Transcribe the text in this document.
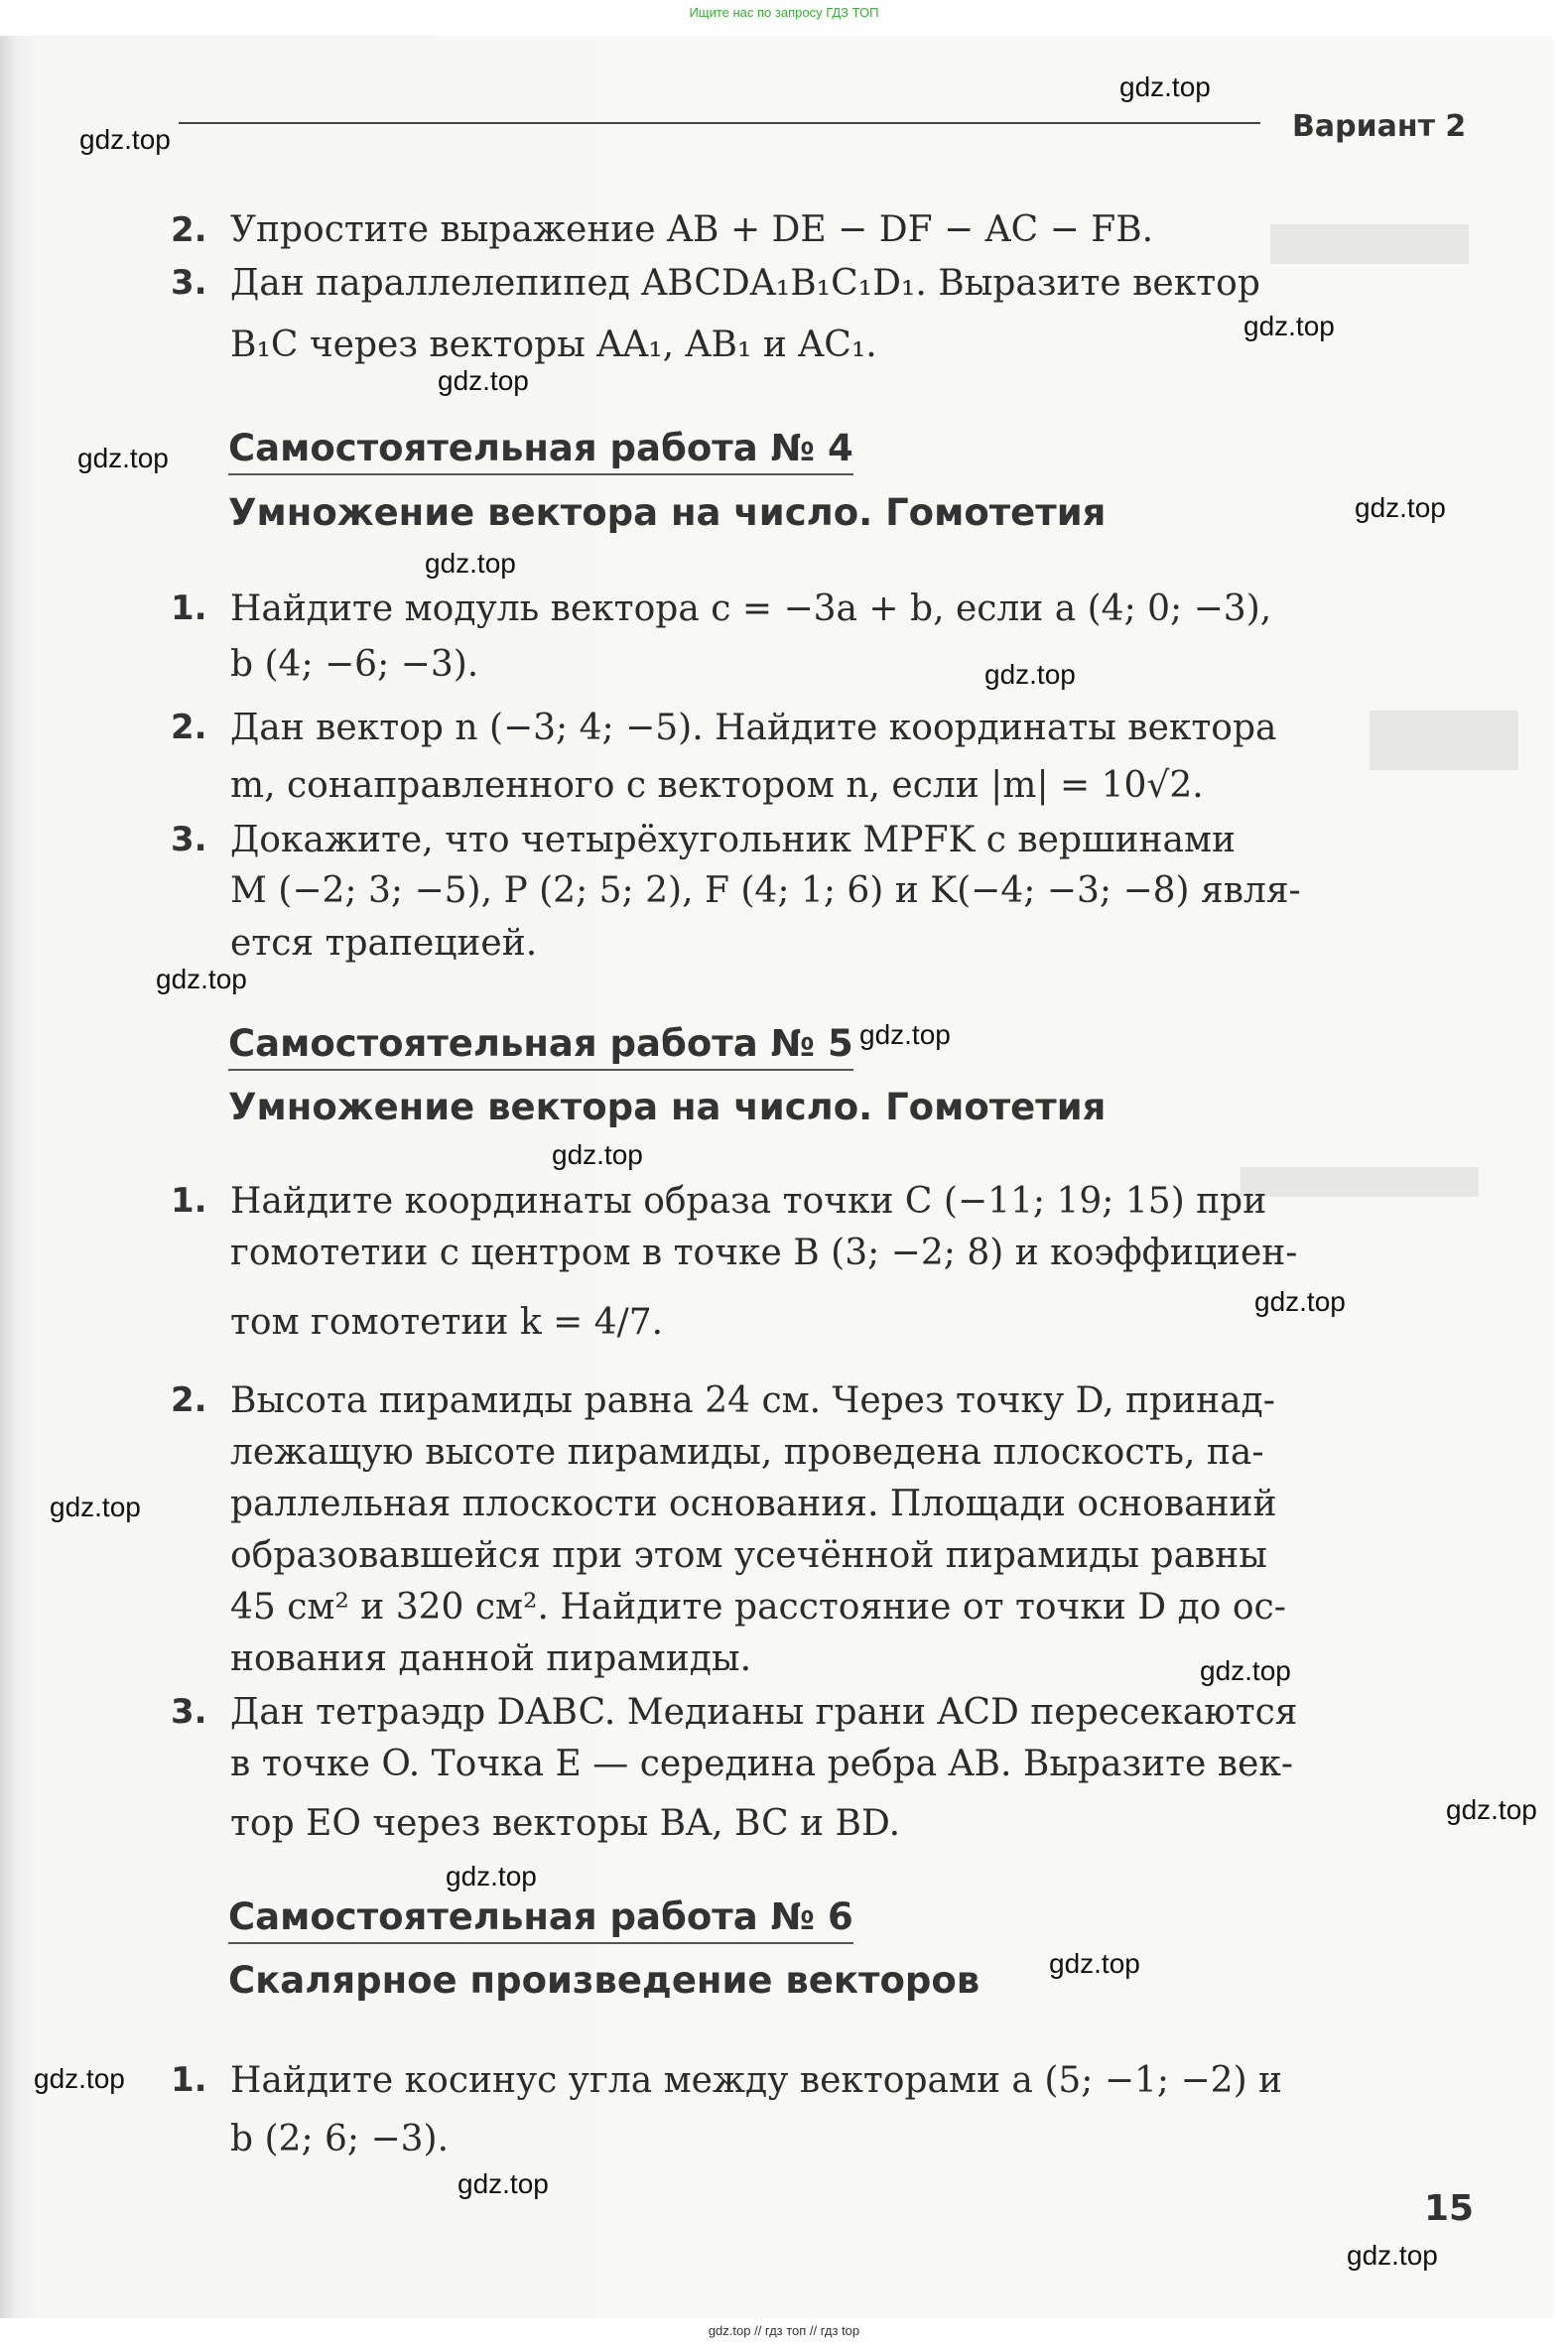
Ищите нас по запросу ГДЗ ТОП
Вариант 2
2. Упростите выражение AB + DE − DF − AC − FB.
3. Дан параллелепипед ABCDA₁B₁C₁D₁. Выразите вектор
B₁C через векторы AA₁, AB₁ и AC₁.
Самостоятельная работа № 4
Умножение вектора на число. Гомотетия
1. Найдите модуль вектора c = −3a + b, если a (4; 0; −3),
b (4; −6; −3).
2. Дан вектор n (−3; 4; −5). Найдите координаты вектора
m, сонаправленного с вектором n, если |m| = 10√2.
3. Докажите, что четырёхугольник MPFK с вершинами
M (−2; 3; −5), P (2; 5; 2), F (4; 1; 6) и K(−4; −3; −8) явля-
ется трапецией.
Самостоятельная работа № 5
Умножение вектора на число. Гомотетия
1. Найдите координаты образа точки C (−11; 19; 15) при
гомотетии с центром в точке B (3; −2; 8) и коэффициен-
том гомотетии k = 4/7.
2. Высота пирамиды равна 24 см. Через точку D, принад-
лежащую высоте пирамиды, проведена плоскость, па-
раллельная плоскости основания. Площади оснований
образовавшейся при этом усечённой пирамиды равны
45 см² и 320 см². Найдите расстояние от точки D до ос-
нования данной пирамиды.
3. Дан тетраэдр DABC. Медианы грани ACD пересекаются
в точке O. Точка E — середина ребра AB. Выразите век-
тор EO через векторы BA, BC и BD.
Самостоятельная работа № 6
Скалярное произведение векторов
1. Найдите косинус угла между векторами a (5; −1; −2) и
b (2; 6; −3).
15
gdz.top
gdz.top
gdz.top
gdz.top
gdz.top
gdz.top
gdz.top
gdz.top
gdz.top
gdz.top
gdz.top
gdz.top
gdz.top
gdz.top
gdz.top
gdz.top
gdz.top
gdz.top
gdz.top
gdz.top
gdz.top // гдз топ // гдз top
